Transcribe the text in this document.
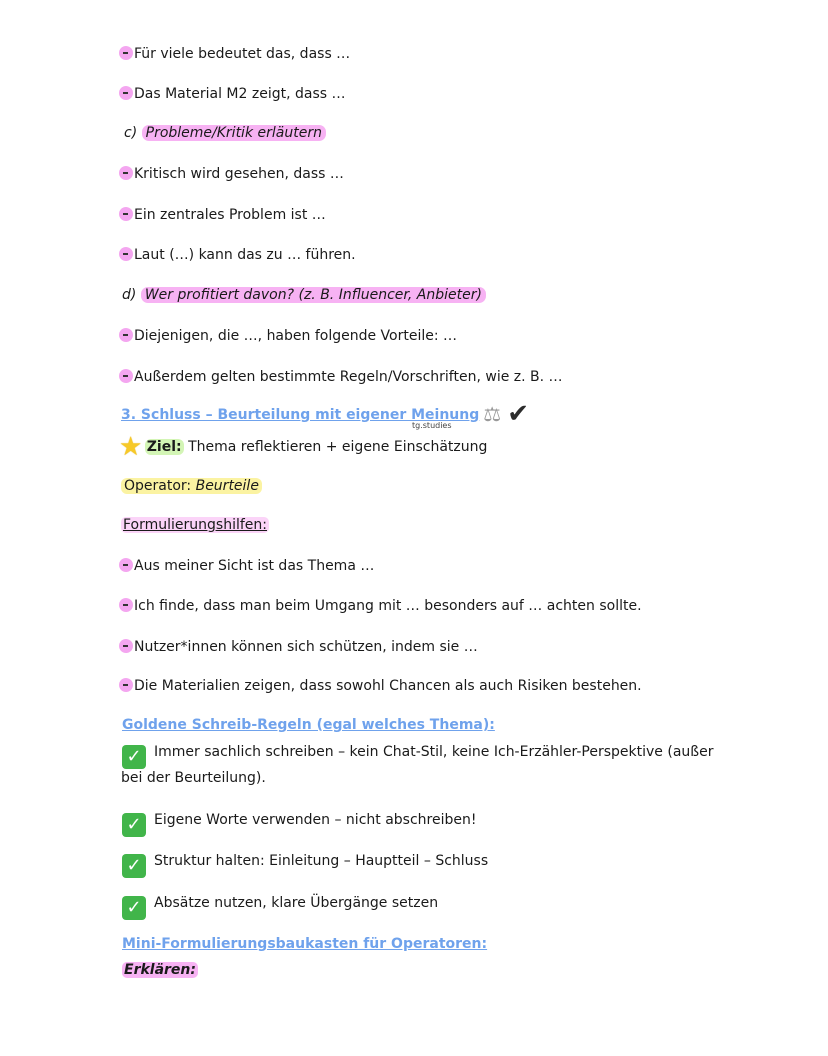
Für viele bedeutet das, dass …
Das Material M2 zeigt, dass …
c) Probleme/Kritik erläutern
Kritisch wird gesehen, dass …
Ein zentrales Problem ist …
Laut (…) kann das zu … führen.
d) Wer profitiert davon? (z. B. Influencer, Anbieter)
Diejenigen, die …, haben folgende Vorteile: …
Außerdem gelten bestimmte Regeln/Vorschriften, wie z. B. …
3. Schluss – Beurteilung mit eigener Meinung ⚖ ✔
tg.studies
★ Ziel: Thema reflektieren + eigene Einschätzung
Operator: Beurteile
Formulierungshilfen:
Aus meiner Sicht ist das Thema …
Ich finde, dass man beim Umgang mit … besonders auf … achten sollte.
Nutzer*innen können sich schützen, indem sie …
Die Materialien zeigen, dass sowohl Chancen als auch Risiken bestehen.
Goldene Schreib-Regeln (egal welches Thema):
✓ Immer sachlich schreiben – kein Chat-Stil, keine Ich-Erzähler-Perspektive (außer
bei der Beurteilung).
✓ Eigene Worte verwenden – nicht abschreiben!
✓ Struktur halten: Einleitung – Hauptteil – Schluss
✓ Absätze nutzen, klare Übergänge setzen
Mini-Formulierungsbaukasten für Operatoren:
Erklären:
